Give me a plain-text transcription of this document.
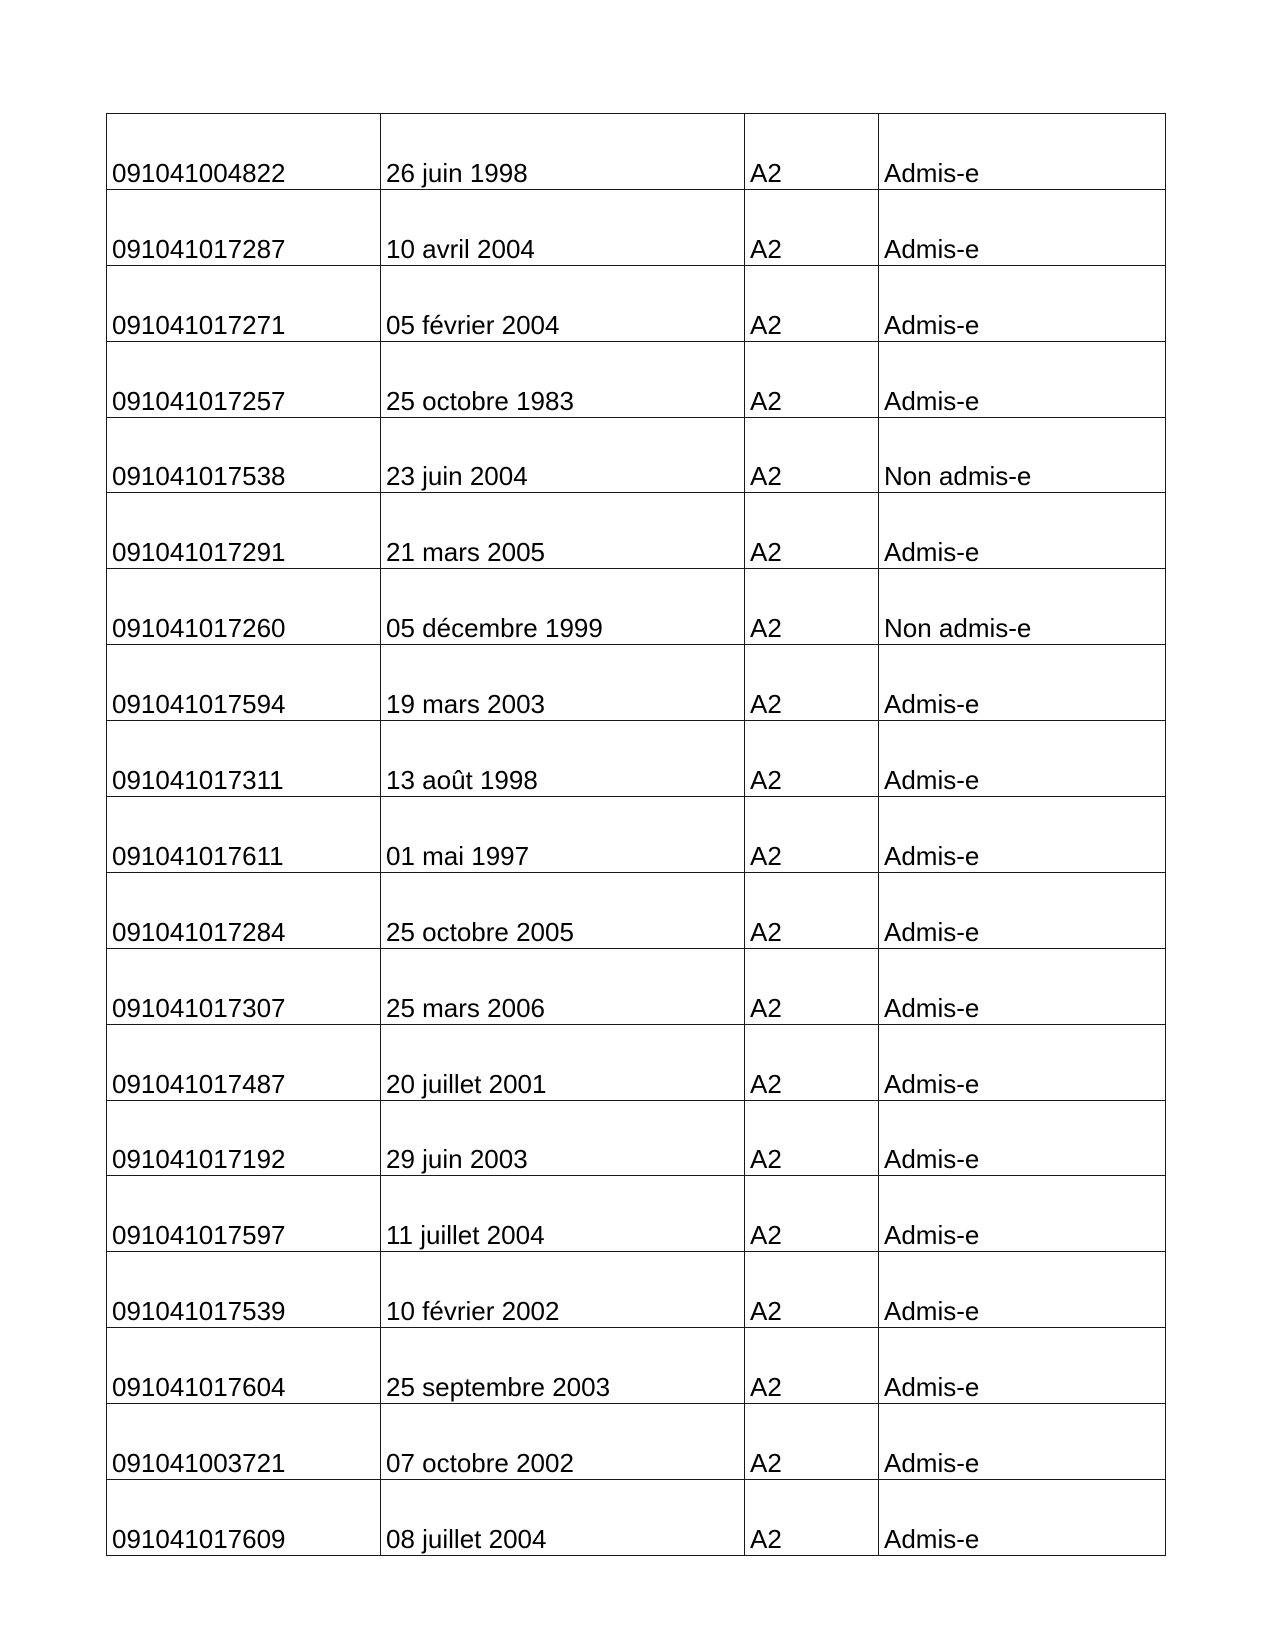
091041004822	26 juin 1998	A2	Admis-e
091041017287	10 avril 2004	A2	Admis-e
091041017271	05 février 2004	A2	Admis-e
091041017257	25 octobre 1983	A2	Admis-e
091041017538	23 juin 2004	A2	Non admis-e
091041017291	21 mars 2005	A2	Admis-e
091041017260	05 décembre 1999	A2	Non admis-e
091041017594	19 mars 2003	A2	Admis-e
091041017311	13 août 1998	A2	Admis-e
091041017611	01 mai 1997	A2	Admis-e
091041017284	25 octobre 2005	A2	Admis-e
091041017307	25 mars 2006	A2	Admis-e
091041017487	20 juillet 2001	A2	Admis-e
091041017192	29 juin 2003	A2	Admis-e
091041017597	11 juillet 2004	A2	Admis-e
091041017539	10 février 2002	A2	Admis-e
091041017604	25 septembre 2003	A2	Admis-e
091041003721	07 octobre 2002	A2	Admis-e
091041017609	08 juillet 2004	A2	Admis-e
